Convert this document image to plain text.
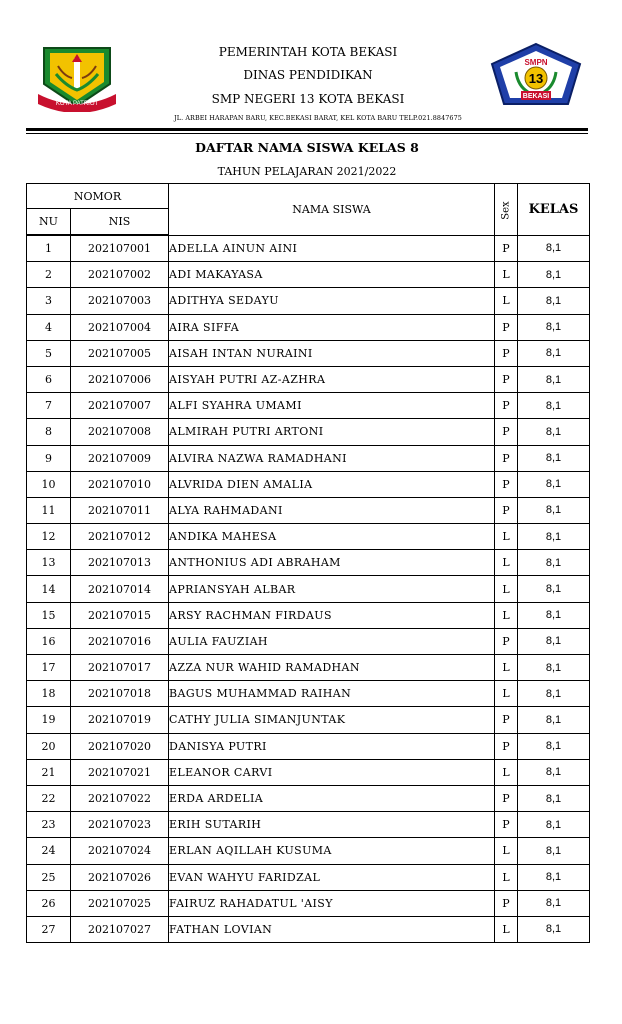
KOTA PATRIOT
PEMERINTAH KOTA BEKASI
DINAS PENDIDIKAN
SMP NEGERI 13 KOTA BEKASI
JL. ARBEI HARAPAN BARU, KEC.BEKASI BARAT, KEL KOTA BARU TELP.021.8847675
SMPN
13
BEKASI
DAFTAR NAMA SISWA KELAS 8
TAHUN PELAJARAN 2021/2022
NOMOR		NAMA SISWA	Sex	KELAS
NU	NIS			
1	202107001	ADELLA AINUN AINI	P	8,1
2	202107002	ADI MAKAYASA	L	8,1
3	202107003	ADITHYA SEDAYU	L	8,1
4	202107004	AIRA SIFFA	P	8,1
5	202107005	AISAH INTAN NURAINI	P	8,1
6	202107006	AISYAH PUTRI AZ-AZHRA	P	8,1
7	202107007	ALFI SYAHRA UMAMI	P	8,1
8	202107008	ALMIRAH PUTRI ARTONI	P	8,1
9	202107009	ALVIRA NAZWA RAMADHANI	P	8,1
10	202107010	ALVRIDA DIEN AMALIA	P	8,1
11	202107011	ALYA RAHMADANI	P	8,1
12	202107012	ANDIKA MAHESA	L	8,1
13	202107013	ANTHONIUS ADI ABRAHAM	L	8,1
14	202107014	APRIANSYAH ALBAR	L	8,1
15	202107015	ARSY RACHMAN FIRDAUS	L	8,1
16	202107016	AULIA FAUZIAH	P	8,1
17	202107017	AZZA NUR WAHID RAMADHAN	L	8,1
18	202107018	BAGUS MUHAMMAD RAIHAN	L	8,1
19	202107019	CATHY JULIA SIMANJUNTAK	P	8,1
20	202107020	DANISYA PUTRI	P	8,1
21	202107021	ELEANOR CARVI	L	8,1
22	202107022	ERDA ARDELIA	P	8,1
23	202107023	ERIH SUTARIH	P	8,1
24	202107024	ERLAN AQILLAH KUSUMA	L	8,1
25	202107026	EVAN WAHYU FARIDZAL	L	8,1
26	202107025	FAIRUZ RAHADATUL 'AISY	P	8,1
27	202107027	FATHAN LOVIAN	L	8,1
